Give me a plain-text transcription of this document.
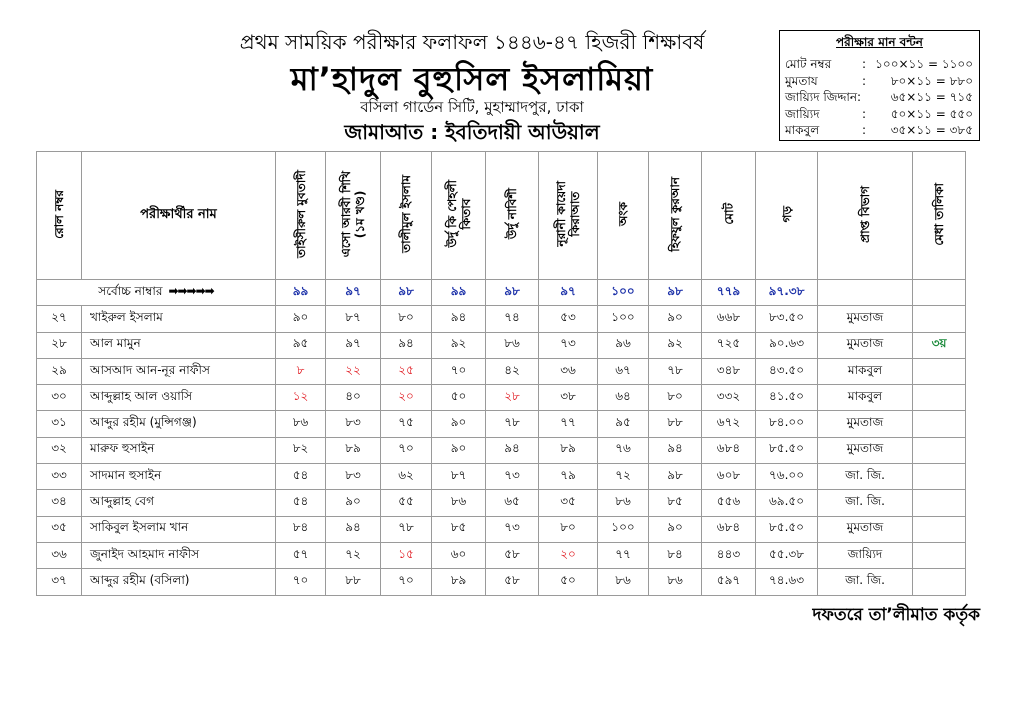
প্রথম সাময়িক পরীক্ষার ফলাফল ১৪৪৬-৪৭ হিজরী শিক্ষাবর্ষ
মা’হাদুল বুহুসিল ইসলামিয়া
বসিলা গার্ডেন সিটি, মুহাম্মাদপুর, ঢাকা
জামাআত : ইবতিদায়ী আউয়াল
পরীক্ষার মান বন্টন
মোট নম্বর	: ১০০×১১ = ১১০০
মুমতায	: ৮০×১১ = ৮৮০
জায়্যিদ জিদ্দান: ৬৫×১১ = ৭১৫
জায়্যিদ	: ৫০×১১ = ৫৫০
মাকবুল	: ৩৫×১১ = ৩৮৫
রোল নম্বর	পরীক্ষার্থীর নাম	তাইসীরুল মুবতাদী	এসো আরবী শিখি
(১ম খণ্ড)	তালীমুল ইসলাম	উর্দু কি পেহলী
কিতাব	উর্দু নাবিশী	নূরানী কায়েদা
কিরাআত	অংক	হিফযুল কুরআন	মোট	গড়	প্রাপ্ত বিভাগ	মেধা তালিকা
সর্বোচ্চ নাম্বার ➡➡➡➡➡		৯৯	৯৭	৯৮	৯৯	৯৮	৯৭	১০০	৯৮	৭৭৯	৯৭.৩৮		
২৭	খাইরুল ইসলাম	৯০	৮৭	৮০	৯৪	৭৪	৫৩	১০০	৯০	৬৬৮	৮৩.৫০	মুমতাজ	
২৮	আল মামুন	৯৫	৯৭	৯৪	৯২	৮৬	৭৩	৯৬	৯২	৭২৫	৯০.৬৩	মুমতাজ	৩য়
২৯	আসআদ আন-নূর নাফীস	৮	২২	২৫	৭০	৪২	৩৬	৬৭	৭৮	৩৪৮	৪৩.৫০	মাকবুল	
৩০	আব্দুল্লাহ আল ওয়াসি	১২	৪০	২০	৫০	২৮	৩৮	৬৪	৮০	৩৩২	৪১.৫০	মাকবুল	
৩১	আব্দুর রহীম (মুন্সিগঞ্জ)	৮৬	৮৩	৭৫	৯০	৭৮	৭৭	৯৫	৮৮	৬৭২	৮৪.০০	মুমতাজ	
৩২	মারুফ হুসাইন	৮২	৮৯	৭০	৯০	৯৪	৮৯	৭৬	৯৪	৬৮৪	৮৫.৫০	মুমতাজ	
৩৩	সাদমান হুসাইন	৫৪	৮৩	৬২	৮৭	৭৩	৭৯	৭২	৯৮	৬০৮	৭৬.০০	জা. জি.	
৩৪	আব্দুল্লাহ বেগ	৫৪	৯০	৫৫	৮৬	৬৫	৩৫	৮৬	৮৫	৫৫৬	৬৯.৫০	জা. জি.	
৩৫	সাকিবুল ইসলাম খান	৮৪	৯৪	৭৮	৮৫	৭৩	৮০	১০০	৯০	৬৮৪	৮৫.৫০	মুমতাজ	
৩৬	জুনাইদ আহমাদ নাফীস	৫৭	৭২	১৫	৬০	৫৮	২০	৭৭	৮৪	৪৪৩	৫৫.৩৮	জায়্যিদ	
৩৭	আব্দুর রহীম (বসিলা)	৭০	৮৮	৭০	৮৯	৫৮	৫০	৮৬	৮৬	৫৯৭	৭৪.৬৩	জা. জি.	
দফতরে তা’লীমাত কর্তৃক
